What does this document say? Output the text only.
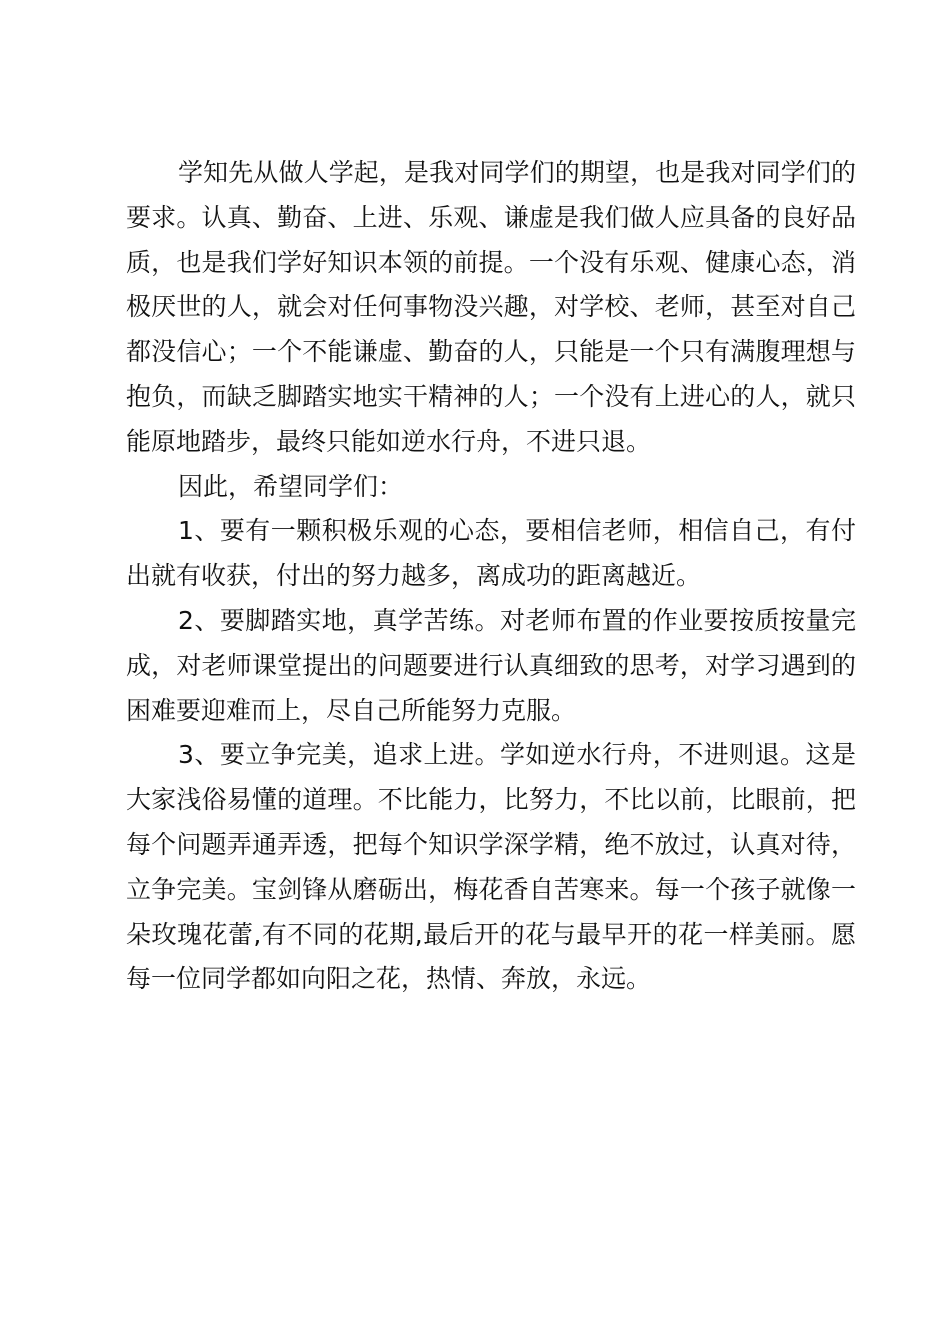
学知先从做人学起，是我对同学们的期望，也是我对同学们的要求。认真、勤奋、上进、乐观、谦虚是我们做人应具备的良好品质，也是我们学好知识本领的前提。一个没有乐观、健康心态，消极厌世的人，就会对任何事物没兴趣，对学校、老师，甚至对自己都没信心；一个不能谦虚、勤奋的人，只能是一个只有满腹理想与抱负，而缺乏脚踏实地实干精神的人；一个没有上进心的人，就只能原地踏步，最终只能如逆水行舟，不进只退。

因此，希望同学们：

1、要有一颗积极乐观的心态，要相信老师，相信自己，有付出就有收获，付出的努力越多，离成功的距离越近。

2、要脚踏实地，真学苦练。对老师布置的作业要按质按量完成，对老师课堂提出的问题要进行认真细致的思考，对学习遇到的困难要迎难而上，尽自己所能努力克服。

3、要立争完美，追求上进。学如逆水行舟，不进则退。这是大家浅俗易懂的道理。不比能力，比努力，不比以前，比眼前，把每个问题弄通弄透，把每个知识学深学精，绝不放过，认真对待，立争完美。宝剑锋从磨砺出，梅花香自苦寒来。每一个孩子就像一朵玫瑰花蕾,有不同的花期,最后开的花与最早开的花一样美丽。愿每一位同学都如向阳之花，热情、奔放，永远。
